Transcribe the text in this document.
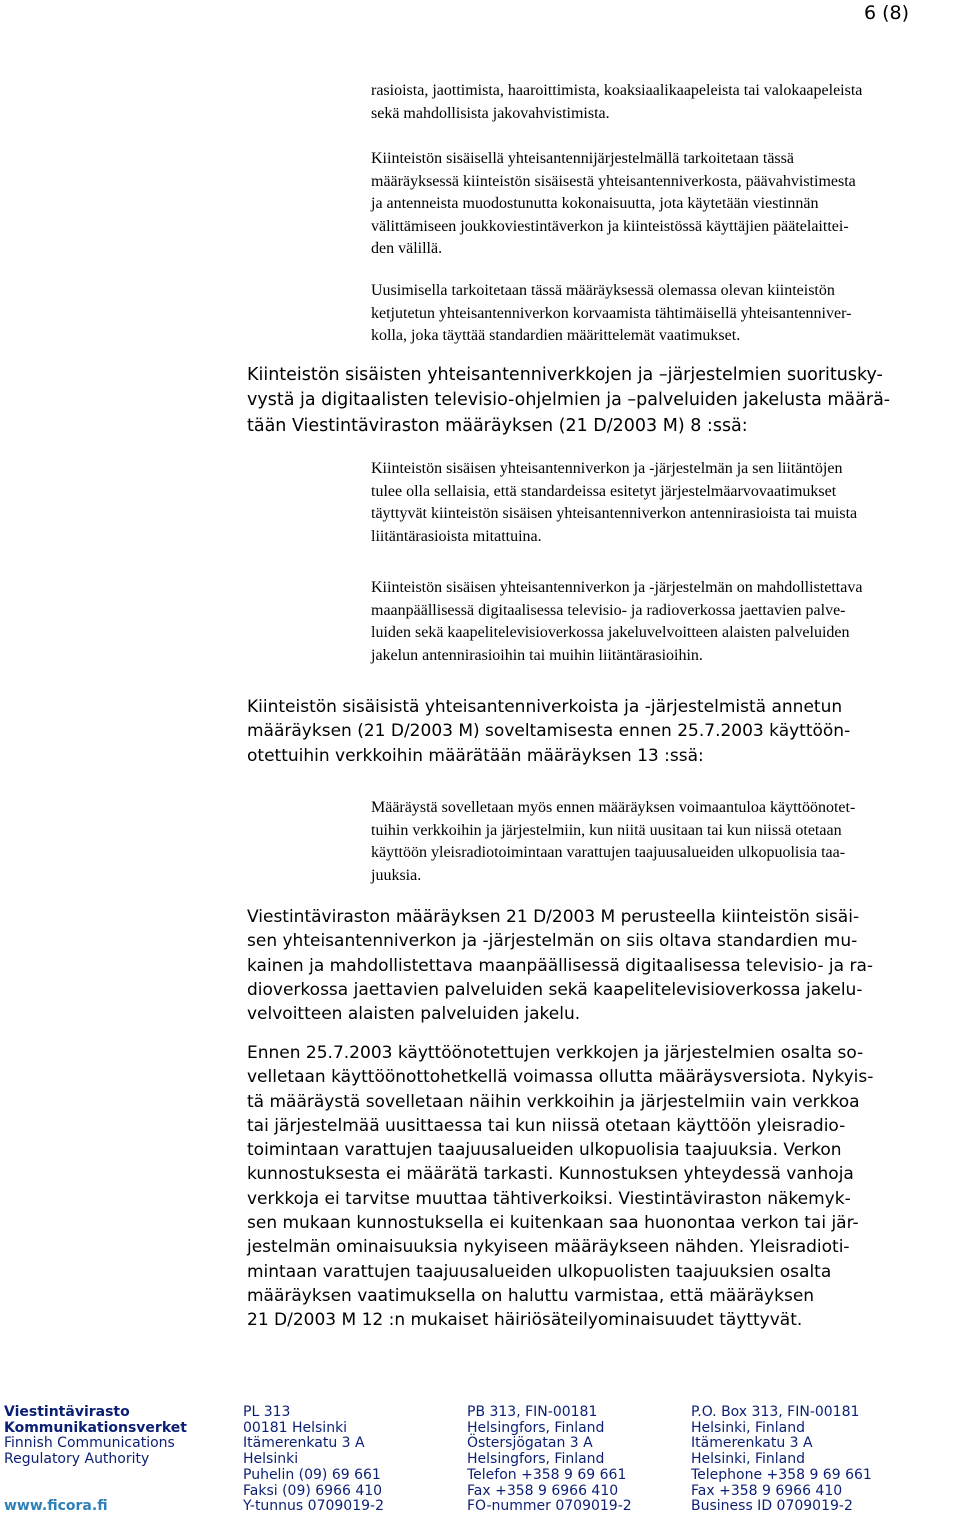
6 (8)
rasioista, jaottimista, haaroittimista, koaksiaalikaapeleista tai valokaapeleista
sekä mahdollisista jakovahvistimista.
Kiinteistön sisäisellä yhteisantennijärjestelmällä tarkoitetaan tässä
määräyksessä kiinteistön sisäisestä yhteisantenniverkosta, päävahvistimesta
ja antenneista muodostunutta kokonaisuutta, jota käytetään viestinnän
välittämiseen joukkoviestintäverkon ja kiinteistössä käyttäjien päätelaittei-
den välillä.
Uusimisella tarkoitetaan tässä määräyksessä olemassa olevan kiinteistön
ketjutetun yhteisantenniverkon korvaamista tähtimäisellä yhteisantenniver-
kolla, joka täyttää standardien määrittelemät vaatimukset.
Kiinteistön sisäisten yhteisantenniverkkojen ja –järjestelmien suoritusky-
vystä ja digitaalisten televisio-ohjelmien ja –palveluiden jakelusta määrä-
tään Viestintäviraston määräyksen (21 D/2003 M) 8 :ssä:
Kiinteistön sisäisen yhteisantenniverkon ja -järjestelmän ja sen liitäntöjen
tulee olla sellaisia, että standardeissa esitetyt järjestelmäarvovaatimukset
täyttyvät kiinteistön sisäisen yhteisantenniverkon antennirasioista tai muista
liitäntärasioista mitattuina.
Kiinteistön sisäisen yhteisantenniverkon ja -järjestelmän on mahdollistettava
maanpäällisessä digitaalisessa televisio- ja radioverkossa jaettavien palve-
luiden sekä kaapelitelevisioverkossa jakeluvelvoitteen alaisten palveluiden
jakelun antennirasioihin tai muihin liitäntärasioihin.
Kiinteistön sisäisistä yhteisantenniverkoista ja -järjestelmistä annetun
määräyksen (21 D/2003 M) soveltamisesta ennen 25.7.2003 käyttöön-
otettuihin verkkoihin määrätään määräyksen 13 :ssä:
Määräystä sovelletaan myös ennen määräyksen voimaantuloa käyttöönotet-
tuihin verkkoihin ja järjestelmiin, kun niitä uusitaan tai kun niissä otetaan
käyttöön yleisradiotoimintaan varattujen taajuusalueiden ulkopuolisia taa-
juuksia.
Viestintäviraston määräyksen 21 D/2003 M perusteella kiinteistön sisäi-
sen yhteisantenniverkon ja -järjestelmän on siis oltava standardien mu-
kainen ja mahdollistettava maanpäällisessä digitaalisessa televisio- ja ra-
dioverkossa jaettavien palveluiden sekä kaapelitelevisioverkossa jakelu-
velvoitteen alaisten palveluiden jakelu.
Ennen 25.7.2003 käyttöönotettujen verkkojen ja järjestelmien osalta so-
velletaan käyttöönottohetkellä voimassa ollutta määräysversiota. Nykyis-
tä määräystä sovelletaan näihin verkkoihin ja järjestelmiin vain verkkoa
tai järjestelmää uusittaessa tai kun niissä otetaan käyttöön yleisradio-
toimintaan varattujen taajuusalueiden ulkopuolisia taajuuksia. Verkon
kunnostuksesta ei määrätä tarkasti. Kunnostuksen yhteydessä vanhoja
verkkoja ei tarvitse muuttaa tähtiverkoiksi. Viestintäviraston näkemyk-
sen mukaan kunnostuksella ei kuitenkaan saa huonontaa verkon tai jär-
jestelmän ominaisuuksia nykyiseen määräykseen nähden. Yleisradioti-
mintaan varattujen taajuusalueiden ulkopuolisten taajuuksien osalta
määräyksen vaatimuksella on haluttu varmistaa, että määräyksen
21 D/2003 M 12 :n mukaiset häiriösäteilyominaisuudet täyttyvät.
Viestintävirasto
Kommunikationsverket
Finnish Communications
Regulatory Authority
www.ficora.fi
PL 313
00181 Helsinki
Itämerenkatu 3 A
Helsinki
Puhelin (09) 69 661
Faksi (09) 6966 410
Y-tunnus 0709019-2
PB 313, FIN-00181
Helsingfors, Finland
Östersjögatan 3 A
Helsingfors, Finland
Telefon +358 9 69 661
Fax +358 9 6966 410
FO-nummer 0709019-2
P.O. Box 313, FIN-00181
Helsinki, Finland
Itämerenkatu 3 A
Helsinki, Finland
Telephone +358 9 69 661
Fax +358 9 6966 410
Business ID 0709019-2
